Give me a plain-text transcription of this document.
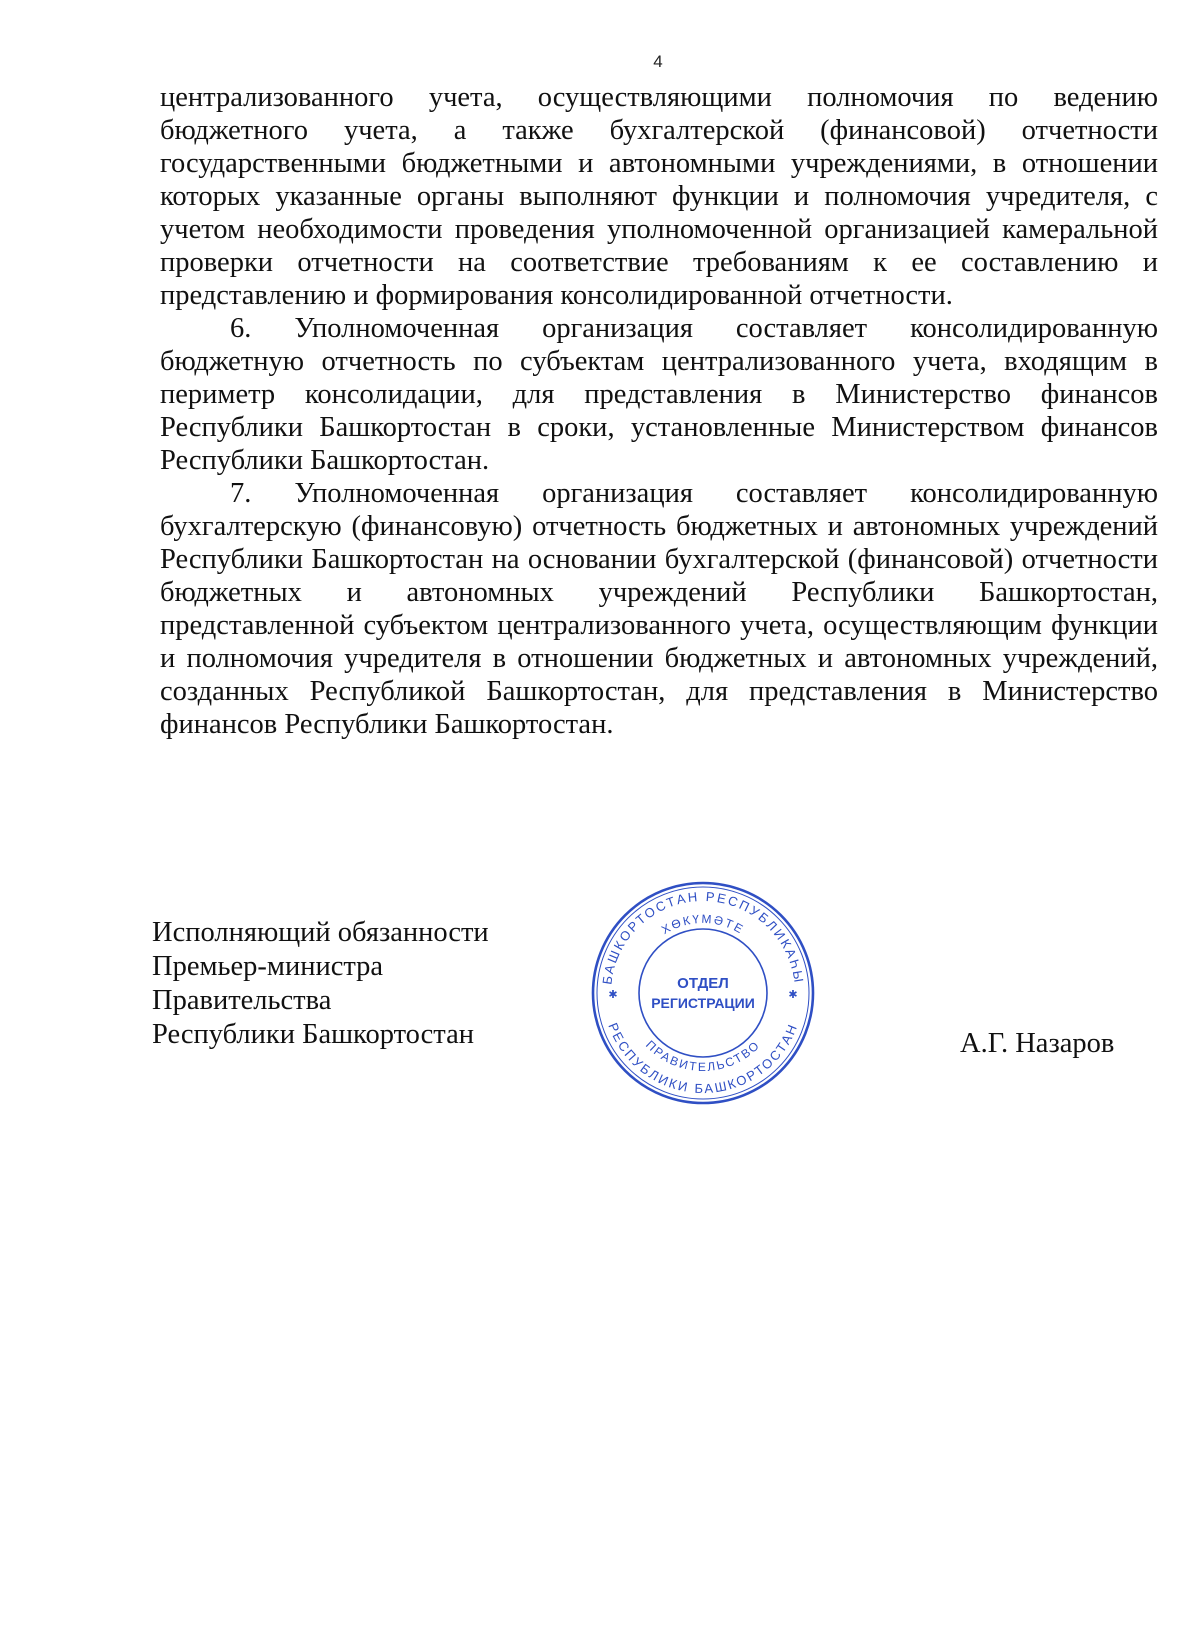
4

централизованного учета, осуществляющими полномочия по ведению бюджетного учета, а также бухгалтерской (финансовой) отчетности государственными бюджетными и автономными учреждениями, в отношении которых указанные органы выполняют функции и полномочия учредителя, с учетом необходимости проведения уполномоченной организацией камеральной проверки отчетности на соответствие требованиям к ее составлению и представлению и формирования консолидированной отчетности.

6. Уполномоченная организация составляет консолидированную бюджетную отчетность по субъектам централизованного учета, входящим в периметр консолидации, для представления в Министерство финансов Республики Башкортостан в сроки, установленные Министерством финансов Республики Башкортостан.

7. Уполномоченная организация составляет консолидированную бухгалтерскую (финансовую) отчетность бюджетных и автономных учреждений Республики Башкортостан на основании бухгалтерской (финансовой) отчетности бюджетных и автономных учреждений Республики Башкортостан, представленной субъектом централизованного учета, осуществляющим функции и полномочия учредителя в отношении бюджетных и автономных учреждений, созданных Республикой Башкортостан, для представления в Министерство финансов Республики Башкортостан.

Исполняющий обязанности
Премьер-министра
Правительства
Республики Башкортостан	А.Г. Назаров
БАШКОРТОСТАН РЕСПУБЛИКАҺЫ
РЕСПУБЛИКИ БАШКОРТОСТАН
ХӨКҮМӘТЕ
ПРАВИТЕЛЬСТВО
✱	✱
ОТДЕЛ
РЕГИСТРАЦИИ
